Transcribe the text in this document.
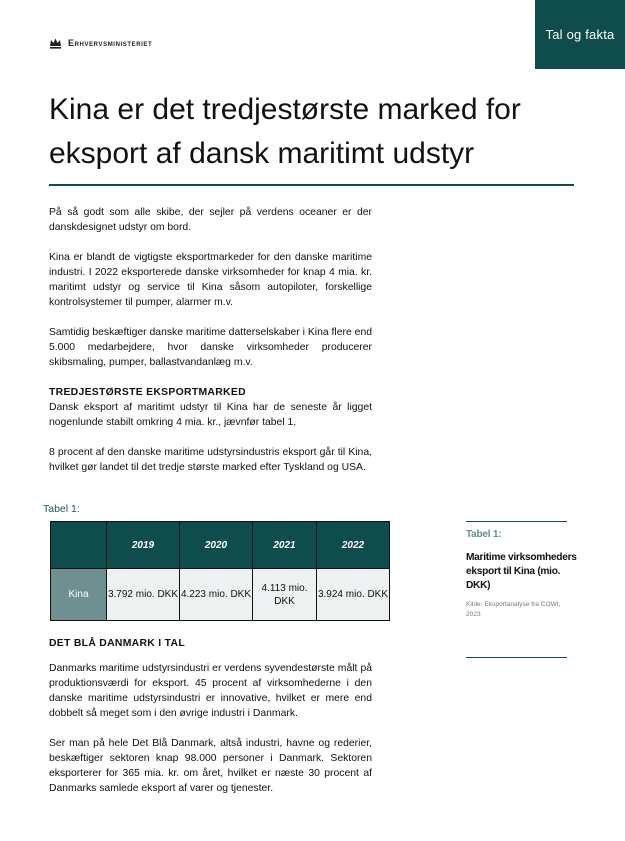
Tal og fakta
Erhvervsministeriet
Kina er det tredjestørste marked for eksport af dansk maritimt udstyr

På så godt som alle skibe, der sejler på verdens oceaner er der danskdesignet udstyr om bord.

Kina er blandt de vigtigste eksportmarkeder for den danske maritime industri. I 2022 eksporterede danske virksomheder for knap 4 mia. kr. maritimt udstyr og service til Kina såsom autopiloter, forskellige kontrolsystemer til pumper, alarmer m.v.

Samtidig beskæftiger danske maritime datterselskaber i Kina flere end 5.000 medarbejdere, hvor danske virksomheder producerer skibsmaling, pumper, ballastvandanlæg m.v.

TREDJESTØRSTE EKSPORTMARKED

Dansk eksport af maritimt udstyr til Kina har de seneste år ligget nogenlunde stabilt omkring 4 mia. kr., jævnfør tabel 1.

8 procent af den danske maritime udstyrsindustris eksport går til Kina, hvilket gør landet til det tredje største marked efter Tyskland og USA.

Tabel 1:
	2019	2020	2021	2022
Kina	3.792 mio. DKK	4.223 mio. DKK	4.113 mio. DKK	3.924 mio. DKK

DET BLÅ DANMARK I TAL

Danmarks maritime udstyrsindustri er verdens syvendestørste målt på produktionsværdi for eksport. 45 procent af virksomhederne i den danske maritime udstyrsindustri er innovative, hvilket er mere end dobbelt så meget som i den øvrige industri i Danmark.

Ser man på hele Det Blå Danmark, altså industri, havne og rederier, beskæftiger sektoren knap 98.000 personer i Danmark. Sektoren eksporterer for 365 mia. kr. om året, hvilket er næste 30 procent af Danmarks samlede eksport af varer og tjenester.

Tabel 1:
Maritime virksomheders eksport til Kina (mio. DKK)
Kilde: Eksportanalyse fra COWI, 2023
